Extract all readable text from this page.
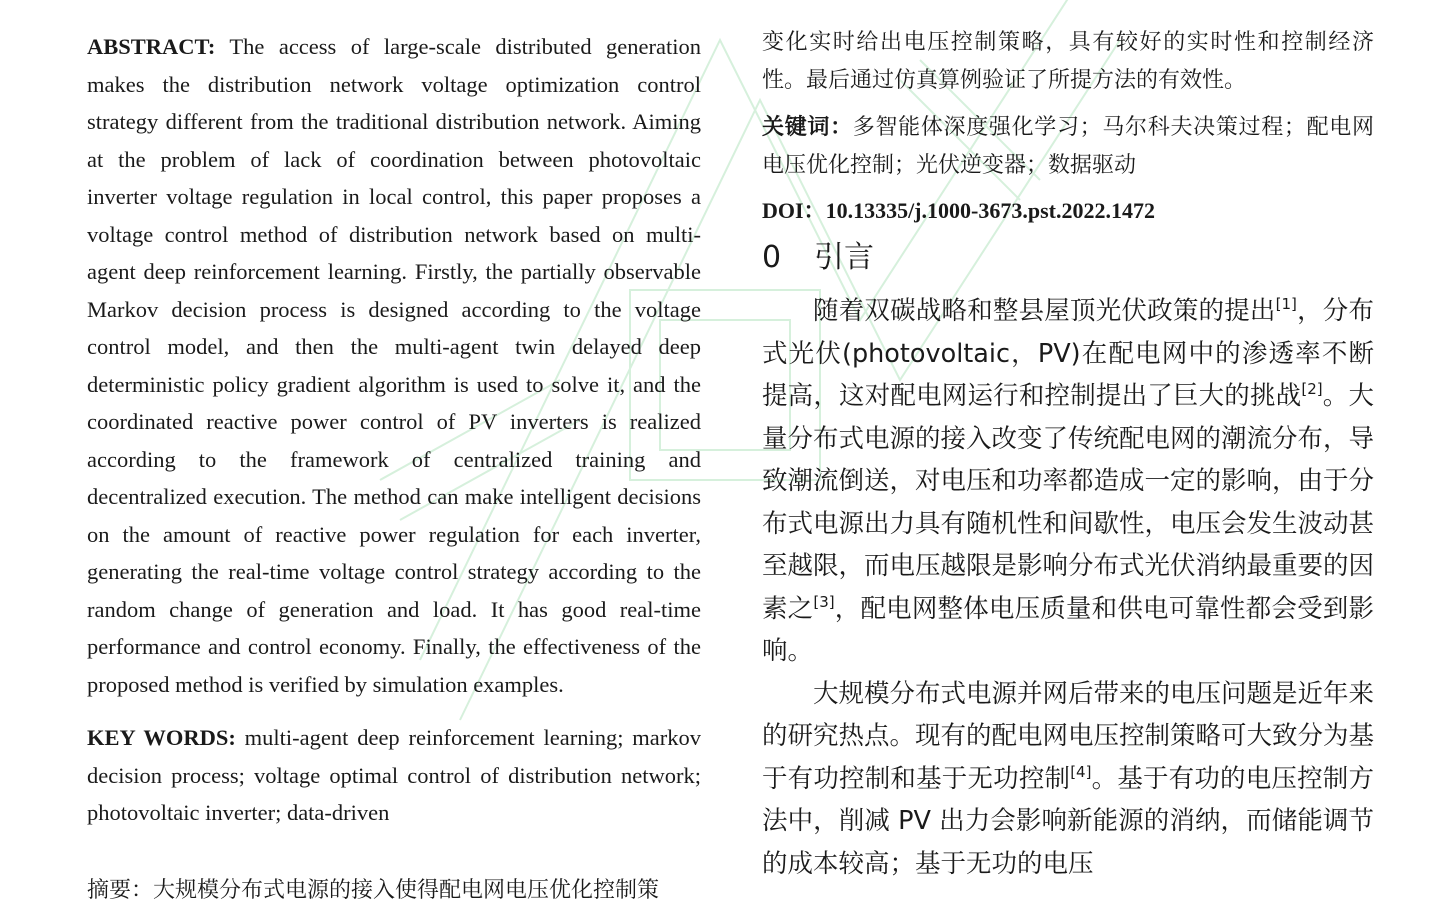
ABSTRACT: The access of large-scale distributed generation makes the distribution network voltage optimization control strategy different from the traditional distribution network. Aiming at the problem of lack of coordination between photovoltaic inverter voltage regulation in local control, this paper proposes a voltage control method of distribution network based on multi-agent deep reinforcement learning. Firstly, the partially observable Markov decision process is designed according to the voltage control model, and then the multi-agent twin delayed deep deterministic policy gradient algorithm is used to solve it, and the coordinated reactive power control of PV inverters is realized according to the framework of centralized training and decentralized execution. The method can make intelligent decisions on the amount of reactive power regulation for each inverter, generating the real-time voltage control strategy according to the random change of generation and load. It has good real-time performance and control economy. Finally, the effectiveness of the proposed method is verified by simulation examples.

KEY WORDS: multi-agent deep reinforcement learning; markov decision process; voltage optimal control of distribution network; photovoltaic inverter; data-driven

摘要：大规模分布式电源的接入使得配电网电压优化控制策

变化实时给出电压控制策略，具有较好的实时性和控制经济性。最后通过仿真算例验证了所提方法的有效性。

关键词：多智能体深度强化学习；马尔科夫决策过程；配电网电压优化控制；光伏逆变器；数据驱动

DOI：10.13335/j.1000-3673.pst.2022.1472
0 引言

随着双碳战略和整县屋顶光伏政策的提出[1]，分布式光伏(photovoltaic，PV)在配电网中的渗透率不断提高，这对配电网运行和控制提出了巨大的挑战[2]。大量分布式电源的接入改变了传统配电网的潮流分布，导致潮流倒送，对电压和功率都造成一定的影响，由于分布式电源出力具有随机性和间歇性，电压会发生波动甚至越限，而电压越限是影响分布式光伏消纳最重要的因素之[3]，配电网整体电压质量和供电可靠性都会受到影响。

大规模分布式电源并网后带来的电压问题是近年来的研究热点。现有的配电网电压控制策略可大致分为基于有功控制和基于无功控制[4]。基于有功的电压控制方法中，削减 PV 出力会影响新能源的消纳，而储能调节的成本较高；基于无功的电压
